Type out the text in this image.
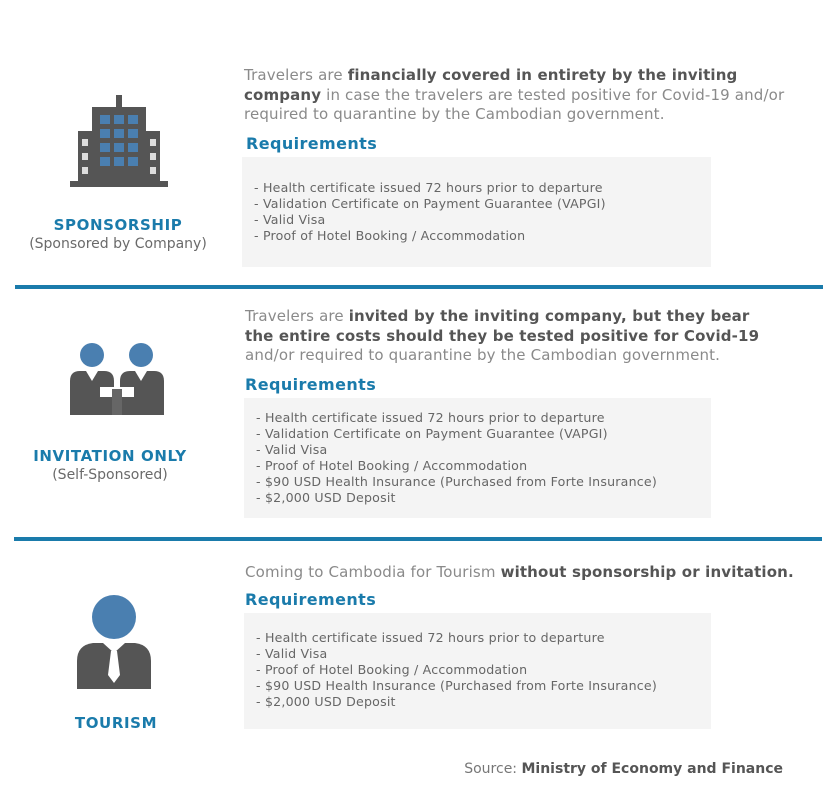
SPONSORSHIP
(Sponsored by Company)

Travelers are financially covered in entirety by the inviting company in case the travelers are tested positive for Covid-19 and/or required to quarantine by the Cambodian government.

Requirements
- Health certificate issued 72 hours prior to departure
- Validation Certificate on Payment Guarantee (VAPGI)
- Valid Visa
- Proof of Hotel Booking / Accommodation
INVITATION ONLY
(Self-Sponsored)

Travelers are invited by the inviting company, but they bear the entire costs should they be tested positive for Covid-19 and/or required to quarantine by the Cambodian government.

Requirements
- Health certificate issued 72 hours prior to departure
- Validation Certificate on Payment Guarantee (VAPGI)
- Valid Visa
- Proof of Hotel Booking / Accommodation
- $90 USD Health Insurance (Purchased from Forte Insurance)
- $2,000 USD Deposit
TOURISM

Coming to Cambodia for Tourism without sponsorship or invitation.

Requirements
- Health certificate issued 72 hours prior to departure
- Valid Visa
- Proof of Hotel Booking / Accommodation
- $90 USD Health Insurance (Purchased from Forte Insurance)
- $2,000 USD Deposit
Source: Ministry of Economy and Finance
